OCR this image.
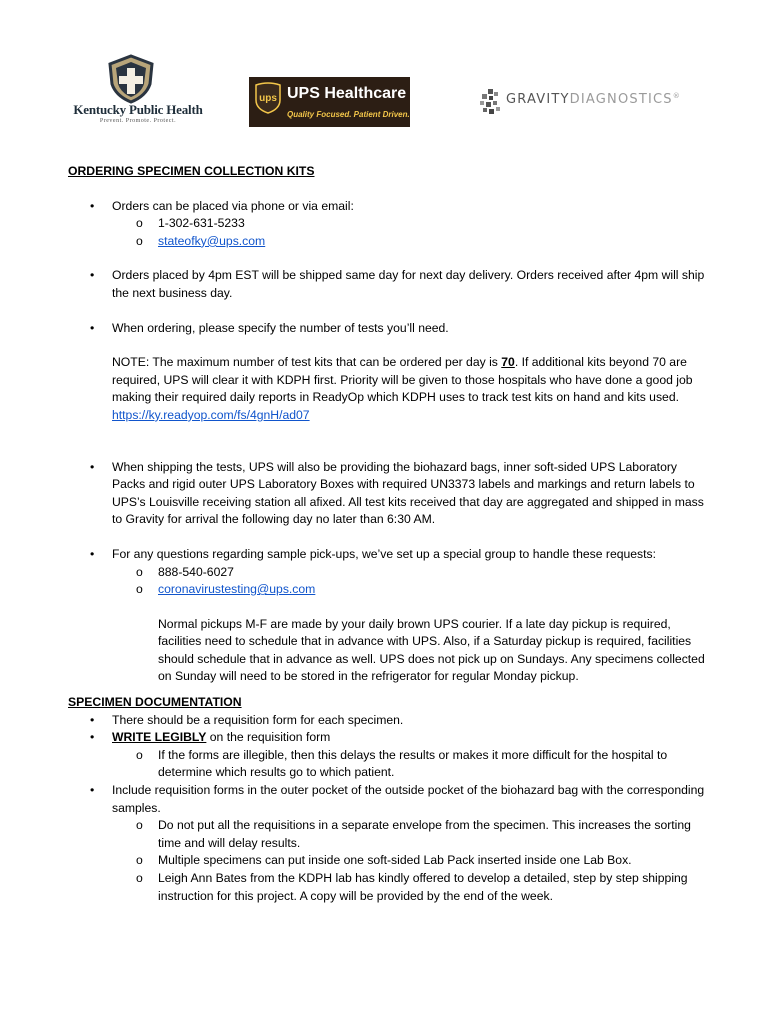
Kentucky Public Health
Prevent. Promote. Protect.
ups UPS Healthcare
Quality Focused. Patient Driven.
GRAVITYDIAGNOSTICS®
ORDERING SPECIMEN COLLECTION KITS
• Orders can be placed via phone or via email:
o 1-302-631-5233
o stateofky@ups.com
• Orders placed by 4pm EST will be shipped same day for next day delivery. Orders received after 4pm will ship the next business day.
• When ordering, please specify the number of tests you’ll need.
NOTE: The maximum number of test kits that can be ordered per day is 70. If additional kits beyond 70 are required, UPS will clear it with KDPH first. Priority will be given to those hospitals who have done a good job making their required daily reports in ReadyOp which KDPH uses to track test kits on hand and kits used. https://ky.readyop.com/fs/4gnH/ad07
• When shipping the tests, UPS will also be providing the biohazard bags, inner soft-sided UPS Laboratory Packs and rigid outer UPS Laboratory Boxes with required UN3373 labels and markings and return labels to UPS’s Louisville receiving station all afixed. All test kits received that day are aggregated and shipped in mass to Gravity for arrival the following day no later than 6:30 AM.
• For any questions regarding sample pick-ups, we’ve set up a special group to handle these requests:
o 888-540-6027
o coronavirustesting@ups.com
Normal pickups M-F are made by your daily brown UPS courier. If a late day pickup is required, facilities need to schedule that in advance with UPS. Also, if a Saturday pickup is required, facilities should schedule that in advance as well. UPS does not pick up on Sundays. Any specimens collected on Sunday will need to be stored in the refrigerator for regular Monday pickup.
SPECIMEN DOCUMENTATION
• There should be a requisition form for each specimen.
• WRITE LEGIBLY on the requisition form
o If the forms are illegible, then this delays the results or makes it more difficult for the hospital to determine which results go to which patient.
• Include requisition forms in the outer pocket of the outside pocket of the biohazard bag with the corresponding samples.
o Do not put all the requisitions in a separate envelope from the specimen. This increases the sorting time and will delay results.
o Multiple specimens can put inside one soft-sided Lab Pack inserted inside one Lab Box.
o Leigh Ann Bates from the KDPH lab has kindly offered to develop a detailed, step by step shipping instruction for this project. A copy will be provided by the end of the week.
